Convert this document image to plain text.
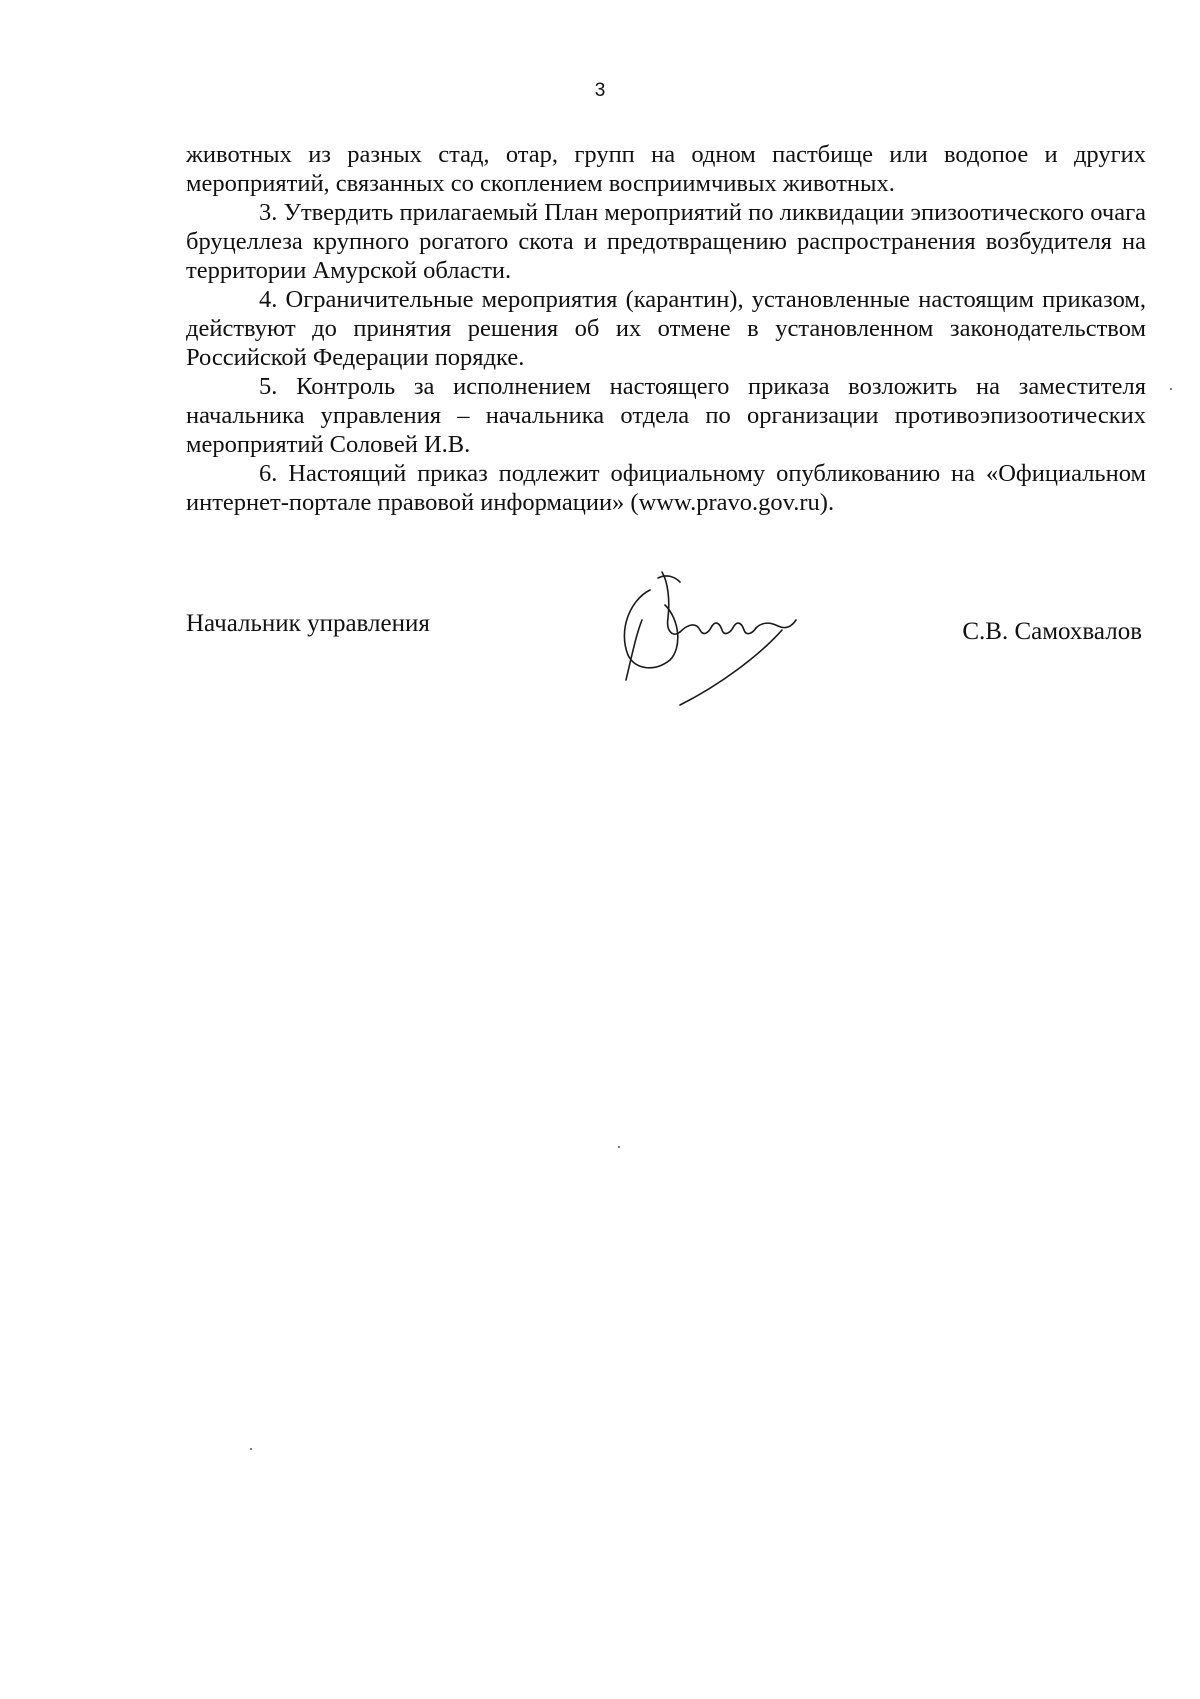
3

животных из разных стад, отар, групп на одном пастбище или водопое и других мероприятий, связанных со скоплением восприимчивых животных.

3. Утвердить прилагаемый План мероприятий по ликвидации эпизоотического очага бруцеллеза крупного рогатого скота и предотвращению распространения возбудителя на территории Амурской области.

4. Ограничительные мероприятия (карантин), установленные настоящим приказом, действуют до принятия решения об их отмене в установленном законодательством Российской Федерации порядке.

5. Контроль за исполнением настоящего приказа возложить на заместителя начальника управления – начальника отдела по организации противоэпизоотических мероприятий Соловей И.В.

6. Настоящий приказ подлежит официальному опубликованию на «Официальном интернет-портале правовой информации» (www.pravo.gov.ru).

Начальник управления	С.В. Самохвалов
